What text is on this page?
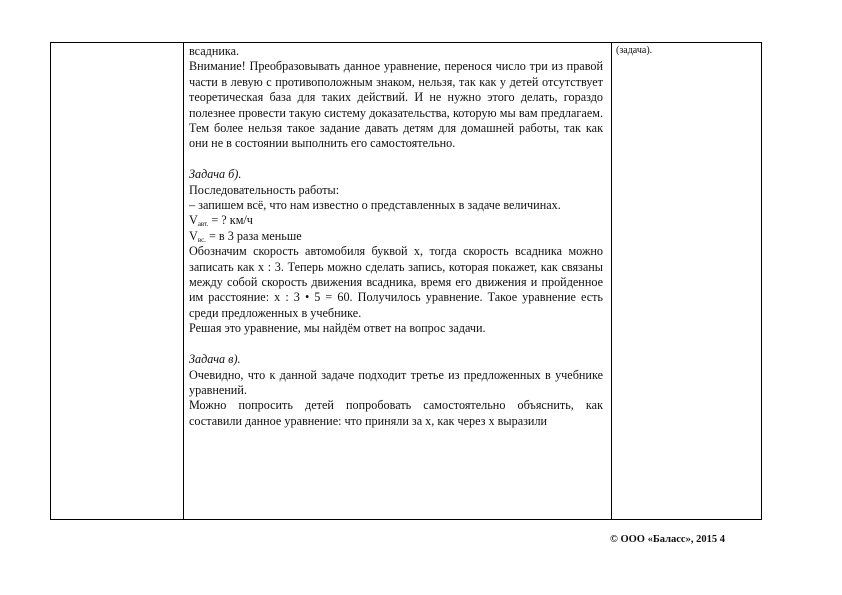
всадника.

Внимание! Преобразовывать данное уравнение, перенося число три из правой части в левую с противоположным знаком, нельзя, так как у детей отсутствует теоретическая база для таких действий. И не нужно этого делать, гораздо полезнее провести такую систему доказательства, которую мы вам предлагаем. Тем более нельзя такое задание давать детям для домашней работы, так как они не в состоянии выполнить его самостоятельно.

Задача б).

Последовательность работы:

– запишем всё, что нам известно о представленных в задаче величинах.

$V_{авт.}$ = ? км/ч

$V_{вс.} = в$ 3 раза меньше

Обозначим скорость автомобиля буквой x, тогда скорость всадника можно записать как x : 3. Теперь можно сделать запись, которая покажет, как связаны между собой скорость движения всадника, время его движения и пройденное им расстояние: x : 3 • 5 = 60. Получилось уравнение. Такое уравнение есть среди предложенных в учебнике.

Решая это уравнение, мы найдём ответ на вопрос задачи.

Задача в).

Очевидно, что к данной задаче подходит третье из предложенных в учебнике уравнений.

Можно попросить детей попробовать самостоятельно объяснить, как составили данное уравнение: что приняли за x, как через x выразили

(задача).

© ООО «Баласс», 2015 4
